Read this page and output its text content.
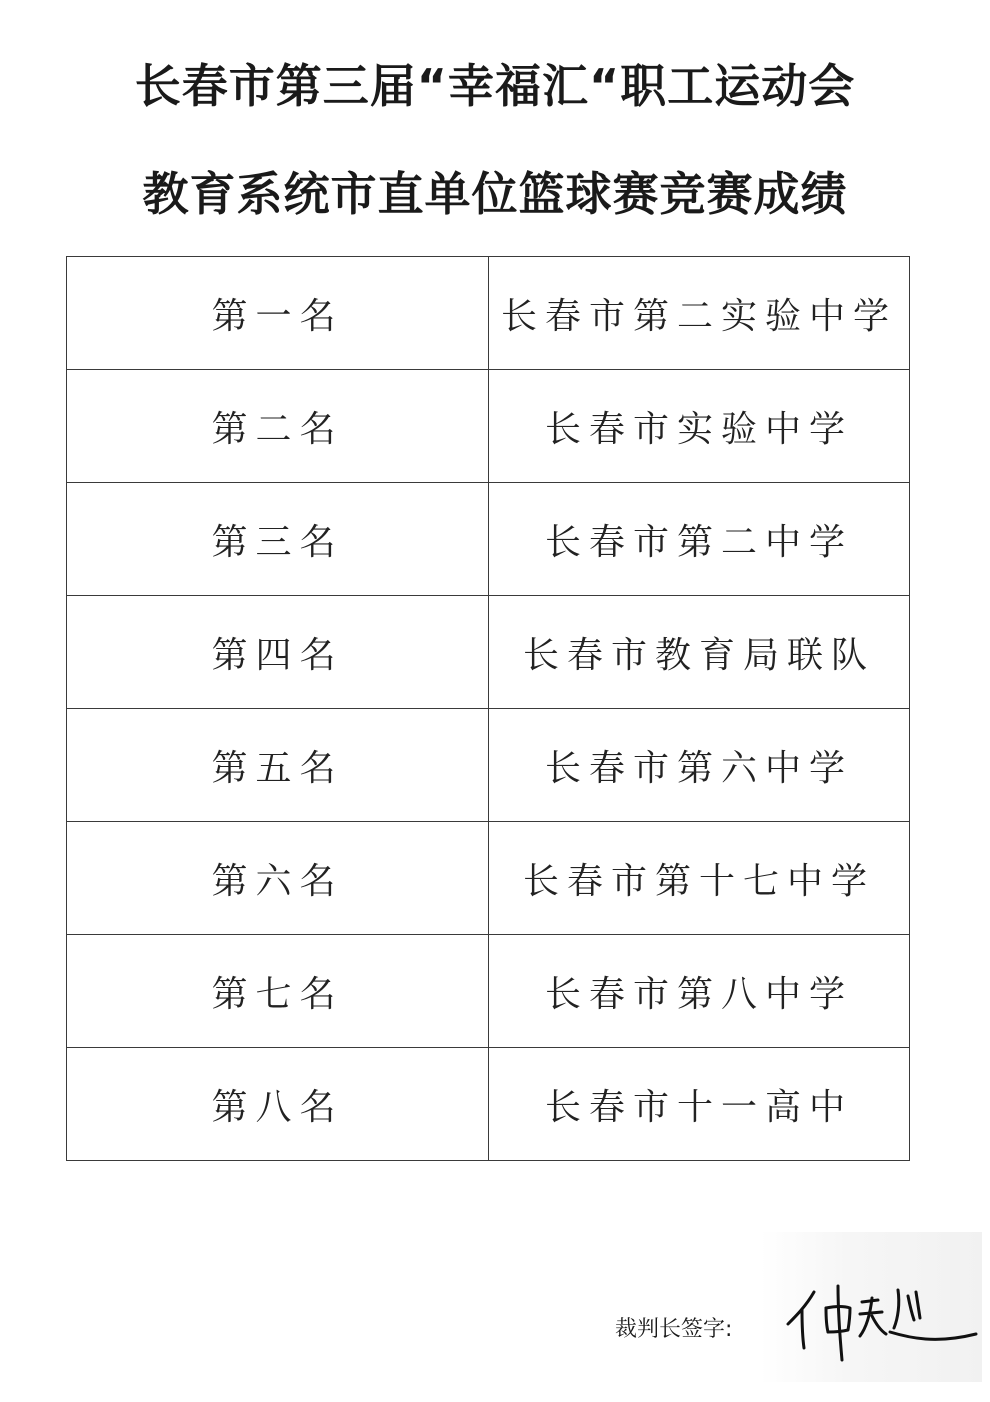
长春市第三届“幸福汇“职工运动会
教育系统市直单位篮球赛竞赛成绩
第一名	长春市第二实验中学
第二名	长春市实验中学
第三名	长春市第二中学
第四名	长春市教育局联队
第五名	长春市第六中学
第六名	长春市第十七中学
第七名	长春市第八中学
第八名	长春市十一高中
裁判长签字:
